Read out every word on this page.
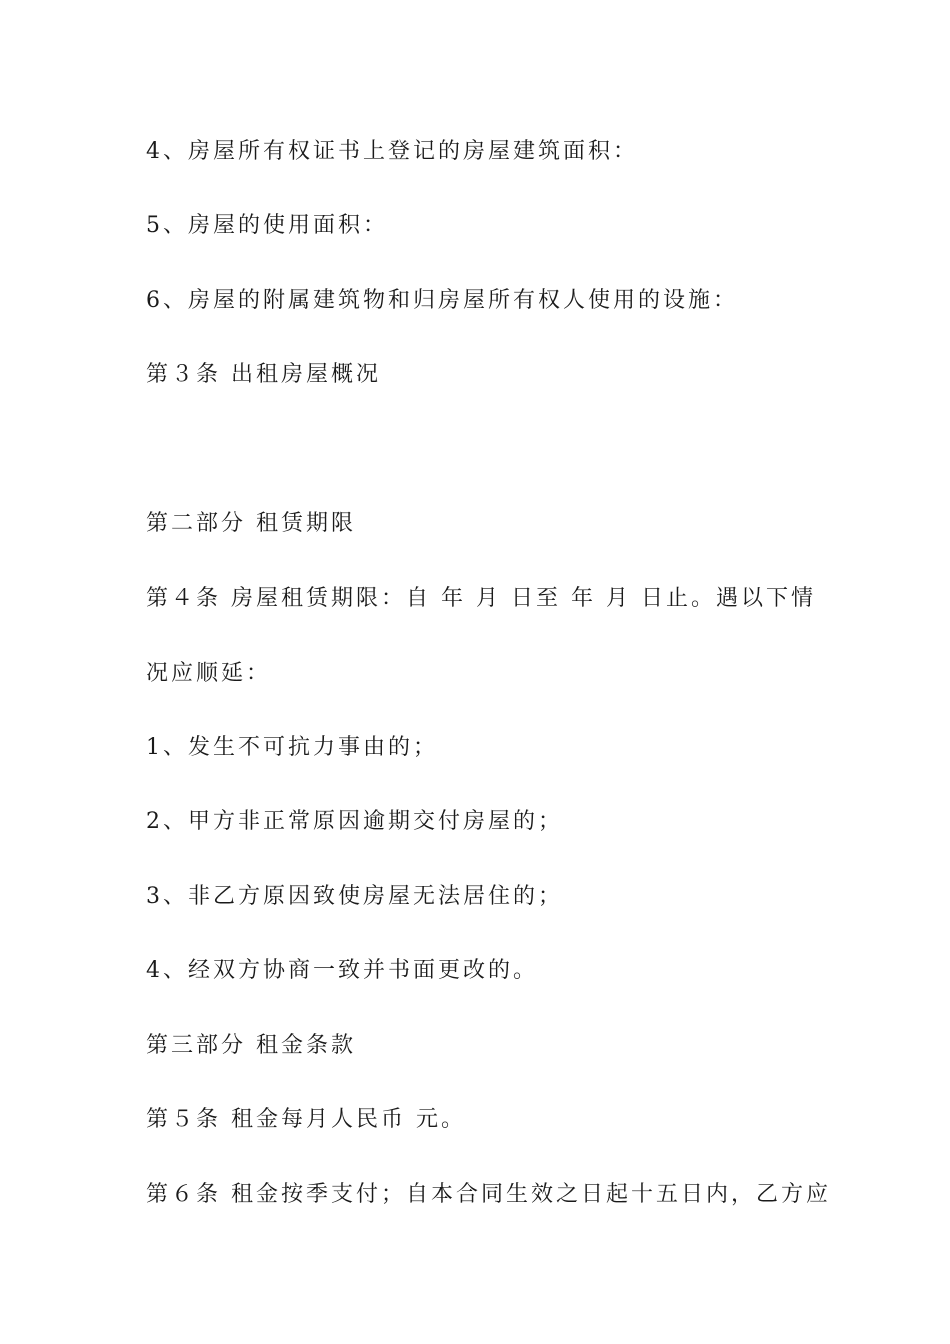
4、房屋所有权证书上登记的房屋建筑面积：

5、房屋的使用面积：

6、房屋的附属建筑物和归房屋所有权人使用的设施：

第３条 出租房屋概况

第二部分 租赁期限

第４条 房屋租赁期限：自 年 月 日至 年 月 日止。遇以下情

况应顺延：

1、发生不可抗力事由的；

2、甲方非正常原因逾期交付房屋的；

3、非乙方原因致使房屋无法居住的；

4、经双方协商一致并书面更改的。

第三部分 租金条款

第５条 租金每月人民币 元。

第６条 租金按季支付；自本合同生效之日起十五日内，乙方应
